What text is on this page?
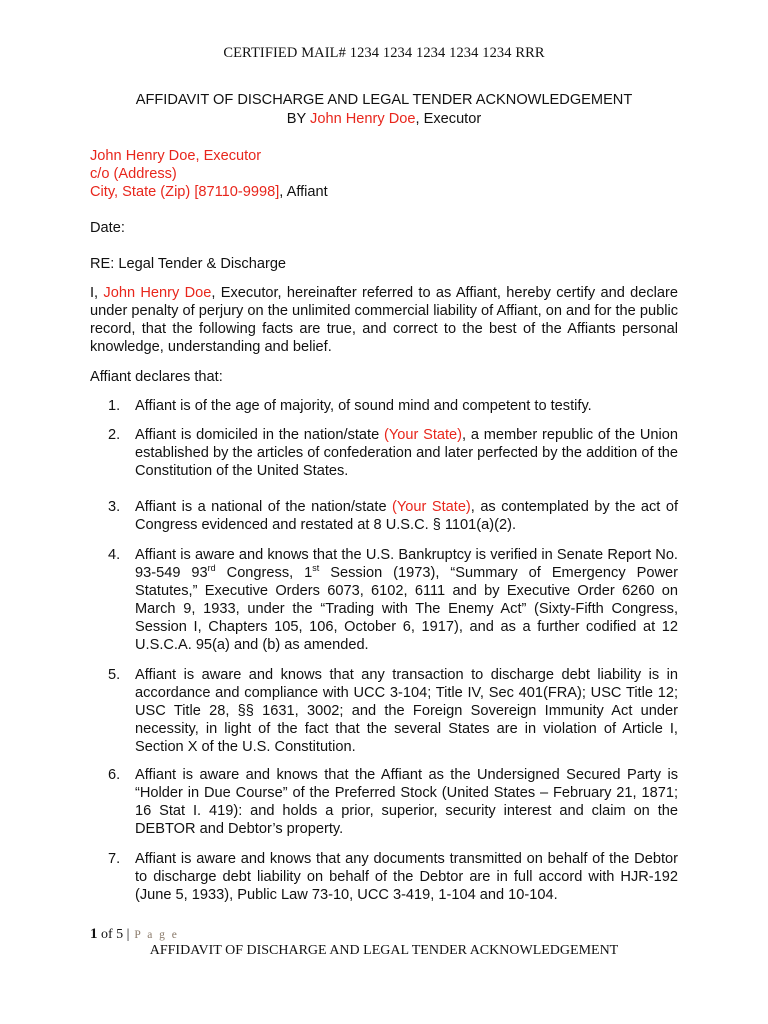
CERTIFIED MAIL# 1234 1234 1234 1234 1234 RRR
AFFIDAVIT OF DISCHARGE AND LEGAL TENDER ACKNOWLEDGEMENT
BY John Henry Doe, Executor
John Henry Doe, Executor
c/o (Address)
City, State (Zip) [87110-9998], Affiant
Date:
RE: Legal Tender & Discharge
I, John Henry Doe, Executor, hereinafter referred to as Affiant, hereby certify and declare under penalty of perjury on the unlimited commercial liability of Affiant, on and for the public record, that the following facts are true, and correct to the best of the Affiants personal knowledge, understanding and belief.
Affiant declares that:
1.	Affiant is of the age of majority, of sound mind and competent to testify.
2.	Affiant is domiciled in the nation/state (Your State), a member republic of the Union established by the articles of confederation and later perfected by the addition of the Constitution of the United States.
3.	Affiant is a national of the nation/state (Your State), as contemplated by the act of Congress evidenced and restated at 8 U.S.C. § 1101(a)(2).
4.	Affiant is aware and knows that the U.S. Bankruptcy is verified in Senate Report No. 93-549 93rd Congress, 1st Session (1973), “Summary of Emergency Power Statutes,” Executive Orders 6073, 6102, 6111 and by Executive Order 6260 on March 9, 1933, under the “Trading with The Enemy Act” (Sixty-Fifth Congress, Session I, Chapters 105, 106, October 6, 1917), and as a further codified at 12 U.S.C.A. 95(a) and (b) as amended.
5.	Affiant is aware and knows that any transaction to discharge debt liability is in accordance and compliance with UCC 3-104; Title IV, Sec 401(FRA); USC Title 12; USC Title 28, §§ 1631, 3002; and the Foreign Sovereign Immunity Act under necessity, in light of the fact that the several States are in violation of Article I, Section X of the U.S. Constitution.
6.	Affiant is aware and knows that the Affiant as the Undersigned Secured Party is “Holder in Due Course” of the Preferred Stock (United States – February 21, 1871; 16 Stat I. 419): and holds a prior, superior, security interest and claim on the DEBTOR and Debtor’s property.
7.	Affiant is aware and knows that any documents transmitted on behalf of the Debtor to discharge debt liability on behalf of the Debtor are in full accord with HJR-192 (June 5, 1933), Public Law 73-10, UCC 3-419, 1-104 and 10-104.
1 of 5 | P a g e
AFFIDAVIT OF DISCHARGE AND LEGAL TENDER ACKNOWLEDGEMENT
